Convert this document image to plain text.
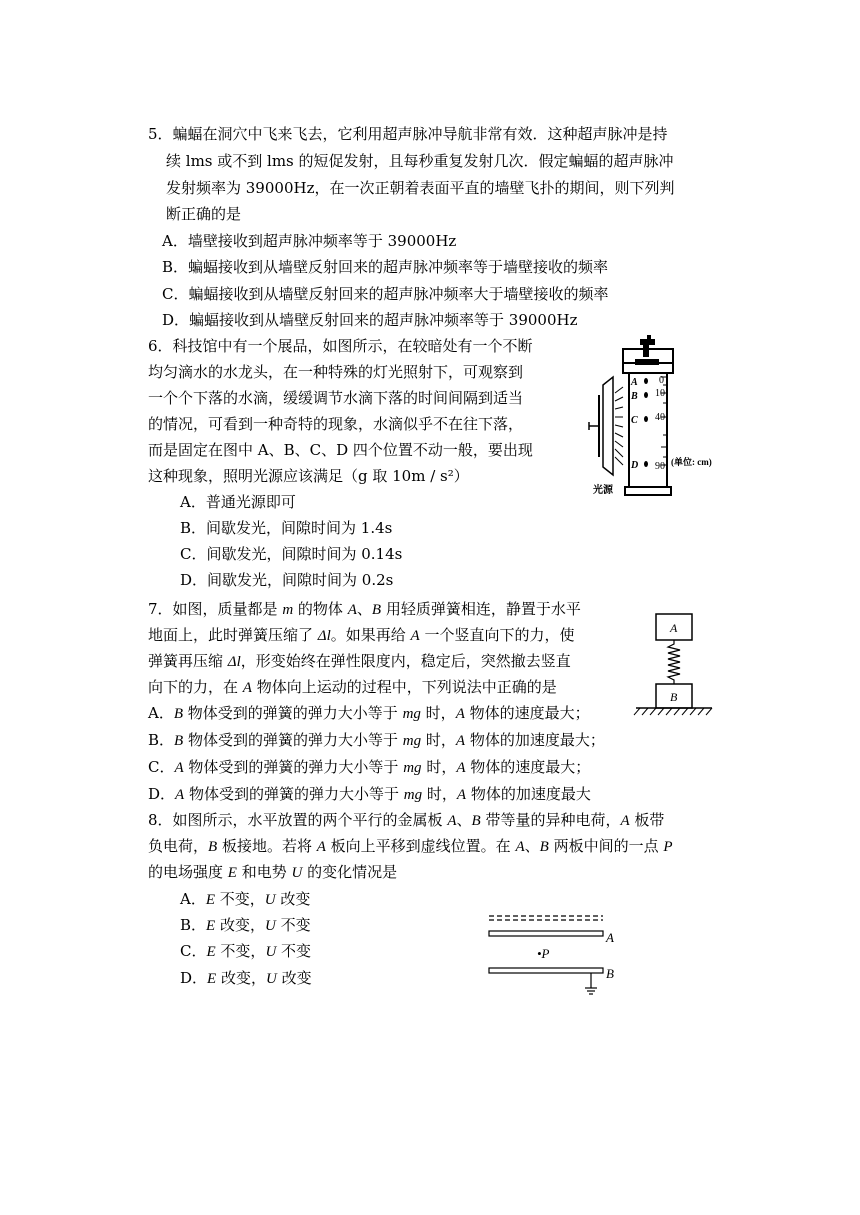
5．蝙蝠在洞穴中飞来飞去，它利用超声脉冲导航非常有效．这种超声脉冲是持
续 lms 或不到 lms 的短促发射，且每秒重复发射几次．假定蝙蝠的超声脉冲
发射频率为 39000Hz，在一次正朝着表面平直的墙壁飞扑的期间，则下列判
断正确的是
A．墙壁接收到超声脉冲频率等于 39000Hz
B．蝙蝠接收到从墙壁反射回来的超声脉冲频率等于墙壁接收的频率
C．蝙蝠接收到从墙壁反射回来的超声脉冲频率大于墙壁接收的频率
D．蝙蝠接收到从墙壁反射回来的超声脉冲频率等于 39000Hz
6．科技馆中有一个展品，如图所示，在较暗处有一个不断
均匀滴水的水龙头，在一种特殊的灯光照射下，可观察到
一个个下落的水滴，缓缓调节水滴下落的时间间隔到适当
的情况，可看到一种奇特的现象，水滴似乎不在往下落，
而是固定在图中 A、B、C、D 四个位置不动一般，要出现
这种现象，照明光源应该满足（g 取 10m / s²）
A．普通光源即可
B．间歇发光，间隙时间为 1.4s
C．间歇发光，间隙时间为 0.14s
D．间歇发光，间隙时间为 0.2s
0
10
40
90
A
B
C
D	(单位: cm)
光源
7．如图，质量都是 m 的物体 A、B 用轻质弹簧相连，静置于水平
地面上，此时弹簧压缩了 Δl。如果再给 A 一个竖直向下的力，使
弹簧再压缩 Δl，形变始终在弹性限度内，稳定后，突然撤去竖直
向下的力，在 A 物体向上运动的过程中，下列说法中正确的是
A．B 物体受到的弹簧的弹力大小等于 mg 时，A 物体的速度最大；
B．B 物体受到的弹簧的弹力大小等于 mg 时，A 物体的加速度最大；
C．A 物体受到的弹簧的弹力大小等于 mg 时，A 物体的速度最大；
D．A 物体受到的弹簧的弹力大小等于 mg 时，A 物体的加速度最大
A
B
8．如图所示，水平放置的两个平行的金属板 A、B 带等量的异种电荷，A 板带
负电荷，B 板接地。若将 A 板向上平移到虚线位置。在 A、B 两板中间的一点 P
的电场强度 E 和电势 U 的变化情况是
A．E 不变，U 改变
B．E 改变，U 不变
C．E 不变，U 不变
D．E 改变，U 改变
A
•P
B
